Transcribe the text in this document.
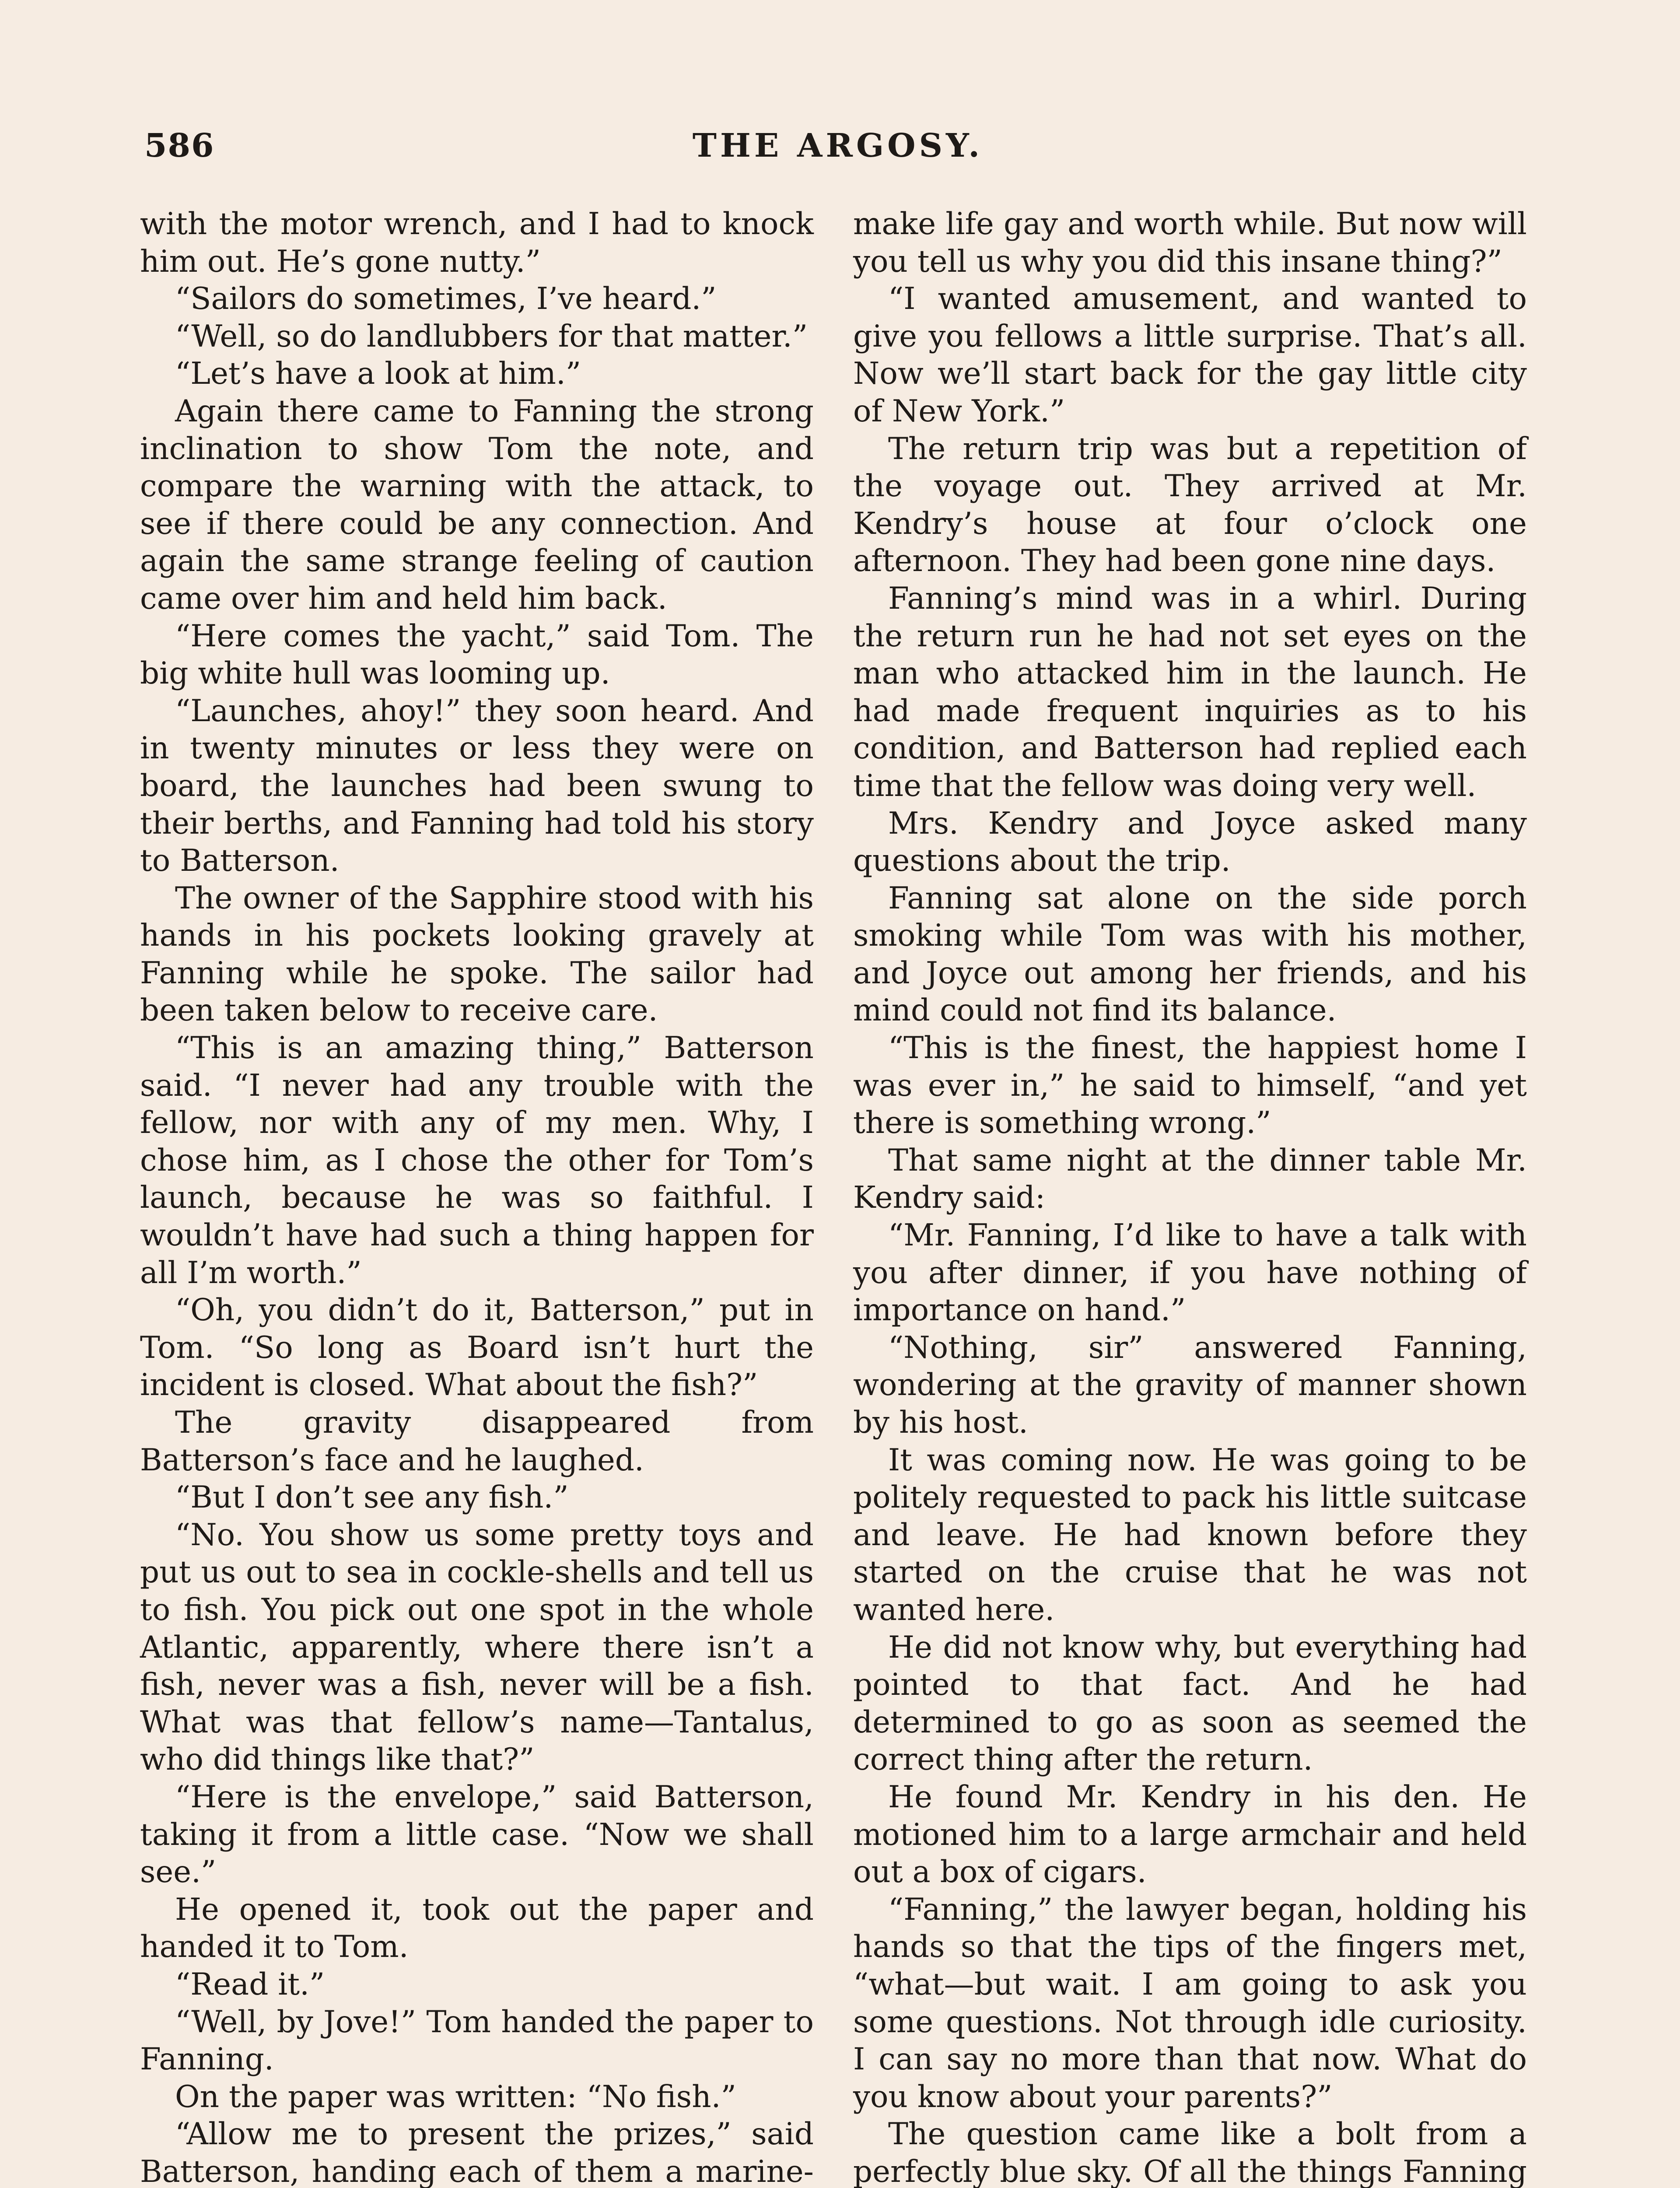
586	THE ARGOSY.

with the motor wrench, and I had to knock him out. He’s gone nutty.”

“Sailors do sometimes, I’ve heard.”

“Well, so do landlubbers for that matter.”

“Let’s have a look at him.”

Again there came to Fanning the strong inclination to show Tom the note, and compare the warning with the attack, to see if there could be any connection. And again the same strange feeling of caution came over him and held him back.

“Here comes the yacht,” said Tom. The big white hull was looming up.

“Launches, ahoy!” they soon heard. And in twenty minutes or less they were on board, the launches had been swung to their berths, and Fanning had told his story to Batterson.

The owner of the Sapphire stood with his hands in his pockets looking gravely at Fanning while he spoke. The sailor had been taken below to receive care.

“This is an amazing thing,” Batterson said. “I never had any trouble with the fellow, nor with any of my men. Why, I chose him, as I chose the other for Tom’s launch, because he was so faithful. I wouldn’t have had such a thing happen for all I’m worth.”

“Oh, you didn’t do it, Batterson,” put in Tom. “So long as Board isn’t hurt the incident is closed. What about the fish?”

The gravity disappeared from Batterson’s face and he laughed.

“But I don’t see any fish.”

“No. You show us some pretty toys and put us out to sea in cockle-shells and tell us to fish. You pick out one spot in the whole Atlantic, apparently, where there isn’t a fish, never was a fish, never will be a fish. What was that fellow’s name—Tantalus, who did things like that?”

“Here is the envelope,” said Batterson, taking it from a little case. “Now we shall see.”

He opened it, took out the paper and handed it to Tom.

“Read it.”

“Well, by Jove!” Tom handed the paper to Fanning.

On the paper was written: “No fish.”

“Allow me to present the prizes,” said Batterson, handing each of them a marine-

make life gay and worth while. But now will you tell us why you did this insane thing?”

“I wanted amusement, and wanted to give you fellows a little surprise. That’s all. Now we’ll start back for the gay little city of New York.”

The return trip was but a repetition of the voyage out. They arrived at Mr. Kendry’s house at four o’clock one afternoon. They had been gone nine days.

Fanning’s mind was in a whirl. During the return run he had not set eyes on the man who attacked him in the launch. He had made frequent inquiries as to his condition, and Batterson had replied each time that the fellow was doing very well.

Mrs. Kendry and Joyce asked many questions about the trip.

Fanning sat alone on the side porch smoking while Tom was with his mother, and Joyce out among her friends, and his mind could not find its balance.

“This is the finest, the happiest home I was ever in,” he said to himself, “and yet there is something wrong.”

That same night at the dinner table Mr. Kendry said:

“Mr. Fanning, I’d like to have a talk with you after dinner, if you have nothing of importance on hand.”

“Nothing, sir” answered Fanning, wondering at the gravity of manner shown by his host.

It was coming now. He was going to be politely requested to pack his little suitcase and leave. He had known before they started on the cruise that he was not wanted here.

He did not know why, but everything had pointed to that fact. And he had determined to go as soon as seemed the correct thing after the return.

He found Mr. Kendry in his den. He motioned him to a large armchair and held out a box of cigars.

“Fanning,” the lawyer began, holding his hands so that the tips of the fingers met, “what—but wait. I am going to ask you some questions. Not through idle curiosity. I can say no more than that now. What do you know about your parents?”

The question came like a bolt from a perfectly blue sky. Of all the things Fanning
